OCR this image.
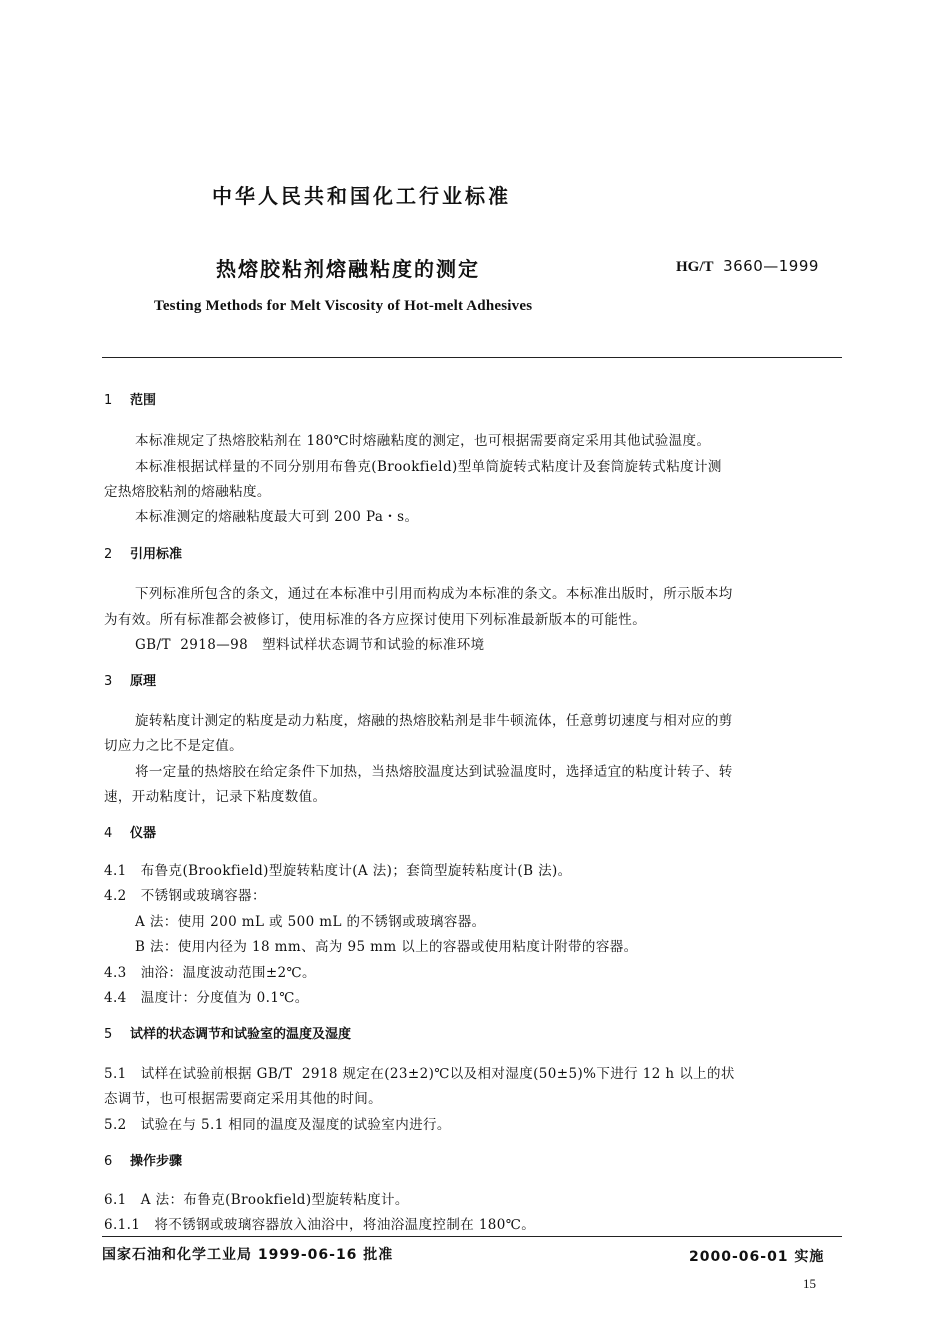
中华人民共和国化工行业标准
热熔胶粘剂熔融粘度的测定	HG/T 3660—1999
Testing Methods for Melt Viscosity of Hot-melt Adhesives
1 范围
本标准规定了热熔胶粘剂在 180℃时熔融粘度的测定，也可根据需要商定采用其他试验温度。
本标准根据试样量的不同分别用布鲁克(Brookfield)型单筒旋转式粘度计及套筒旋转式粘度计测
定热熔胶粘剂的熔融粘度。
本标准测定的熔融粘度最大可到 200 Pa・s。
2 引用标准
下列标准所包含的条文，通过在本标准中引用而构成为本标准的条文。本标准出版时，所示版本均
为有效。所有标准都会被修订，使用标准的各方应探讨使用下列标准最新版本的可能性。
GB/T  2918—98   塑料试样状态调节和试验的标准环境
3 原理
旋转粘度计测定的粘度是动力粘度，熔融的热熔胶粘剂是非牛顿流体，任意剪切速度与相对应的剪
切应力之比不是定值。
将一定量的热熔胶在给定条件下加热，当热熔胶温度达到试验温度时，选择适宜的粘度计转子、转
速，开动粘度计，记录下粘度数值。
4 仪器
4.1   布鲁克(Brookfield)型旋转粘度计(A 法)；套筒型旋转粘度计(B 法)。
4.2   不锈钢或玻璃容器：
A 法：使用 200 mL 或 500 mL 的不锈钢或玻璃容器。
B 法：使用内径为 18 mm、高为 95 mm 以上的容器或使用粘度计附带的容器。
4.3   油浴：温度波动范围±2℃。
4.4   温度计：分度值为 0.1℃。
5 试样的状态调节和试验室的温度及湿度
5.1   试样在试验前根据 GB/T  2918 规定在(23±2)℃以及相对湿度(50±5)%下进行 12 h 以上的状
态调节，也可根据需要商定采用其他的时间。
5.2   试验在与 5.1 相同的温度及湿度的试验室内进行。
6 操作步骤
6.1   A 法：布鲁克(Brookfield)型旋转粘度计。
6.1.1   将不锈钢或玻璃容器放入油浴中，将油浴温度控制在 180℃。
国家石油和化学工业局 1999-06-16 批准	2000-06-01 实施
15
